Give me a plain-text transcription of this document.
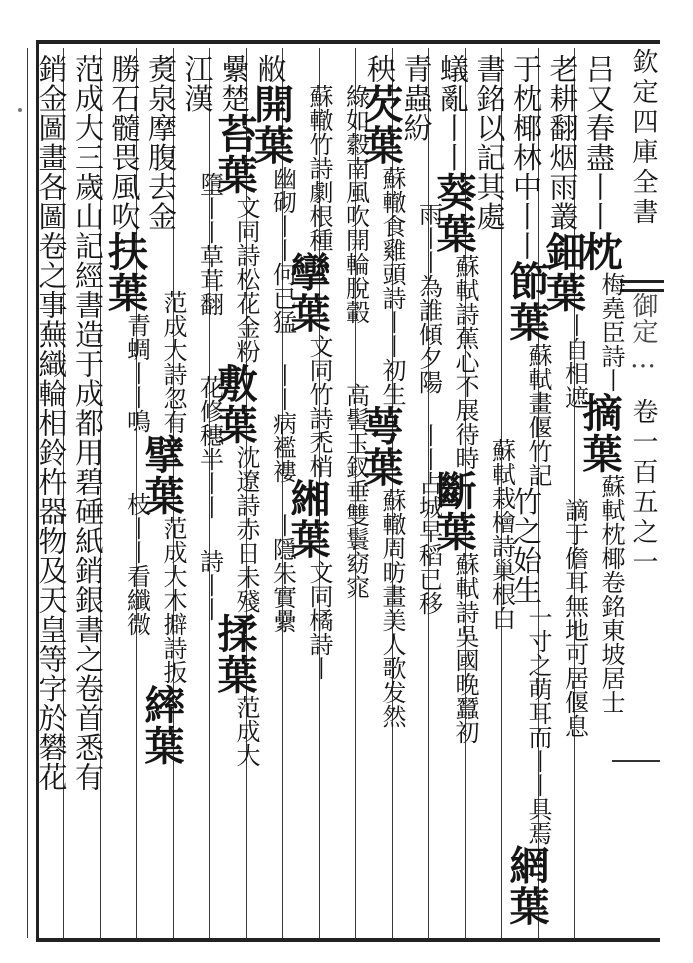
欽定四庫全書
御定…
卷一百五之一
吕又春盡丨丨枕梅堯臣詩丨摘葉蘇軾枕椰卷銘東坡居士
老耕翻烟雨叢鈿葉丨自相遮　　　謫于儋耳無地可居偃息
于枕椰林中丨丨節葉蘇軾畫偃竹記竹之始生一寸之萌耳而丨丨具焉網葉
書銘以記其處　　　　　　　蘇軾栽檜詩巢根白
蟻亂丨丨葵葉蘇軾詩蕉心不展待時斷葉蘇軾詩吳國晚蠶初
青蟲紛　　雨丨丨為誰傾夕陽　丨丨占城早稻已移
秧芡葉蘇轍食雞頭詩丨丨初生萼葉蘇轍周昉畫美人歌发然
　綠如縠南風吹開輪脫轂　　高髻玉釵垂雙鬟窈窕
　蘇轍竹詩劇根種攣葉文同竹詩禿梢緗葉文同橘詩丨
敝開葉幽砌丨丨何已猛　丨丨病襤褸　丨隱朱實纍
纍楚苔葉文同詩松花金粉敷葉沈遼詩赤日未殘揉葉范成大
江漢　　墮丨丨草茸翻　　花修穗半丨丨　詩丨丨
煑泉摩腹去金　　范成大詩忽有擘葉范成大木擗詩扳繂葉
勝石髓畏風吹扶葉青蜩丨丨鳴　　枝丨丨看纖微
范成大三歲山記經書造于成都用碧硾紙銷銀書之卷首悉有
銷金圖畫各圖卷之事蕪織輪相鈴杵器物及天皇等字於礬花
